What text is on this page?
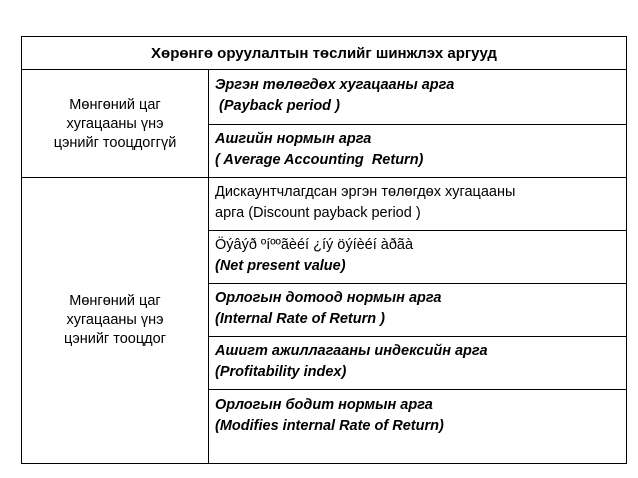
Хөрөнгө оруулалтын төслийг шинжлэх аргууд
Мөнгөний цаг
хугацааны үнэ
цэнийг тооцдоггүй
Мөнгөний цаг
хугацааны үнэ
цэнийг тооцдог
Эргэн төлөгдөх хугацааны арга
(Payback period )
Ашгийн нормын арга
( Average Accounting  Return)
Дискаунтчлагдсан эргэн төлөгдөх хугацааны
арга (Discount payback period )
Öýâýð ºíººãèéí ¿íý öýíèéí àðãà
(Net present value)
Орлогын дотоод нормын арга
(Internal Rate of Return )
Ашигт ажиллагааны индексийн арга
(Profitability index)
Орлогын бодит нормын арга
(Modifies internal Rate of Return)
